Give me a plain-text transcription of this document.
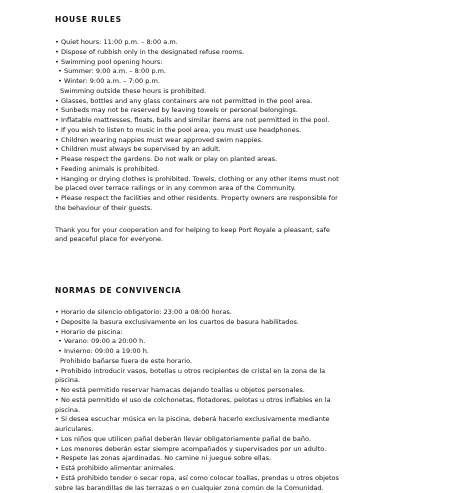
HOUSE RULES
• Quiet hours: 11:00 p.m. – 8:00 a.m.
• Dispose of rubbish only in the designated refuse rooms.
• Swimming pool opening hours:
• Summer: 9:00 a.m. – 8:00 p.m.
• Winter: 9:00 a.m. – 7:00 p.m.
Swimming outside these hours is prohibited.
• Glasses, bottles and any glass containers are not permitted in the pool area.
• Sunbeds may not be reserved by leaving towels or personal belongings.
• Inflatable mattresses, floats, balls and similar items are not permitted in the pool.
• If you wish to listen to music in the pool area, you must use headphones.
• Children wearing nappies must wear approved swim nappies.
• Children must always be supervised by an adult.
• Please respect the gardens. Do not walk or play on planted areas.
• Feeding animals is prohibited.
• Hanging or drying clothes is prohibited. Towels, clothing or any other items must not
be placed over terrace railings or in any common area of the Community.
• Please respect the facilities and other residents. Property owners are responsible for
the behaviour of their guests.

Thank you for your cooperation and for helping to keep Port Royale a pleasant, safe

and peaceful place for everyone.

NORMAS DE CONVIVENCIA
• Horario de silencio obligatorio: 23:00 a 08:00 horas.
• Deposite la basura exclusivamente en los cuartos de basura habilitados.
• Horario de piscina:
• Verano: 09:00 a 20:00 h.
• Invierno: 09:00 a 19:00 h.
Prohibido bañarse fuera de este horario.
• Prohibido introducir vasos, botellas u otros recipientes de cristal en la zona de la
piscina.
• No está permitido reservar hamacas dejando toallas u objetos personales.
• No está permitido el uso de colchonetas, flotadores, pelotas u otros inflables en la
piscina.
• Si desea escuchar música en la piscina, deberá hacerlo exclusivamente mediante
auriculares.
• Los niños que utilicen pañal deberán llevar obligatoriamente pañal de baño.
• Los menores deberán estar siempre acompañados y supervisados por un adulto.
• Respete las zonas ajardinadas. No camine ni juegue sobre ellas.
• Está prohibido alimentar animales.
• Está prohibido tender o secar ropa, así como colocar toallas, prendas u otros objetos
sobre las barandillas de las terrazas o en cualquier zona común de la Comunidad.
